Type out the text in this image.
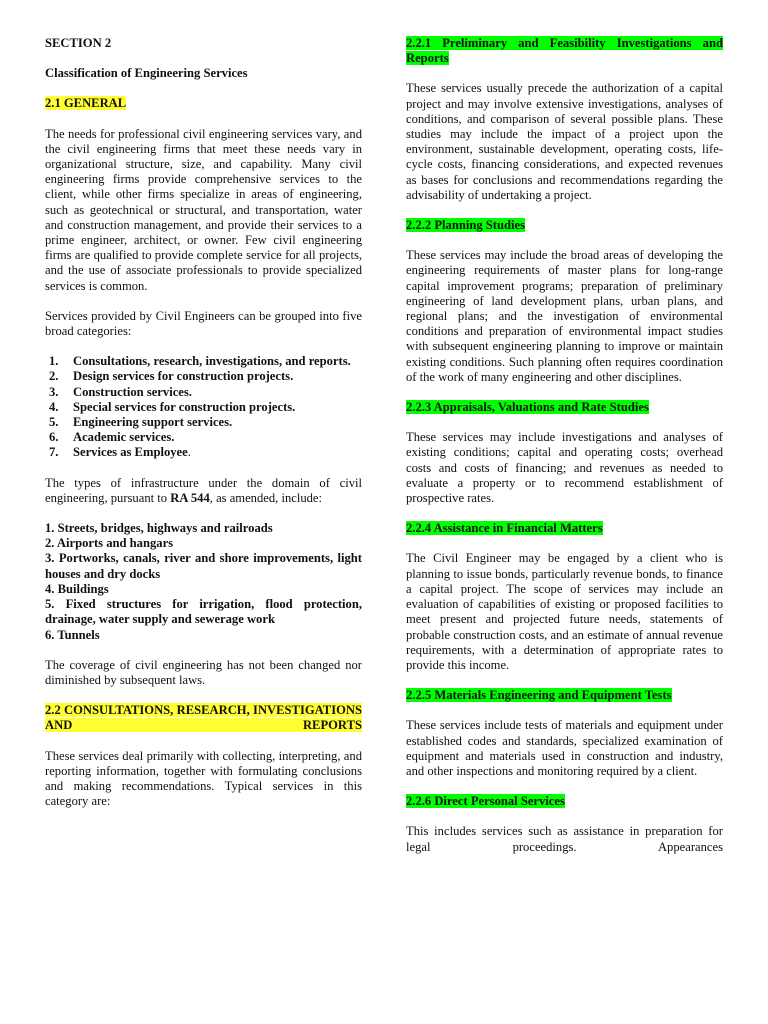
SECTION 2
Classification of Engineering Services
2.1 GENERAL

The needs for professional civil engineering services vary, and the civil engineering firms that meet these needs vary in organizational structure, size, and capability. Many civil engineering firms provide comprehensive services to the client, while other firms specialize in areas of engineering, such as geotechnical or structural, and transportation, water and construction management, and provide their services to a prime engineer, architect, or owner. Few civil engineering firms are qualified to provide complete service for all projects, and the use of associate professionals to provide specialized services is common.

Services provided by Civil Engineers can be grouped into five broad categories:

1.	Consultations, research, investigations, and reports.
2.	Design services for construction projects.
3.	Construction services.
4.	Special services for construction projects.
5.	Engineering support services.
6.	Academic services.
7.	Services as Employee.

The types of infrastructure under the domain of civil engineering, pursuant to RA 544, as amended, include:

1. Streets, bridges, highways and railroads
2. Airports and hangars
3. Portworks, canals, river and shore improvements, light houses and dry docks
4. Buildings
5. Fixed structures for irrigation, flood protection, drainage, water supply and sewerage work
6. Tunnels

The coverage of civil engineering has not been changed nor diminished by subsequent laws.

2.2 CONSULTATIONS, RESEARCH, INVESTIGATIONS AND REPORTS

These services deal primarily with collecting, interpreting, and reporting information, together with formulating conclusions and making recommendations. Typical services in this category are:

2.2.1 Preliminary and Feasibility Investigations and Reports

These services usually precede the authorization of a capital project and may involve extensive investigations, analyses of conditions, and comparison of several possible plans. These studies may include the impact of a project upon the environment, sustainable development, operating costs, life- cycle costs, financing considerations, and expected revenues as bases for conclusions and recommendations regarding the advisability of undertaking a project.

2.2.2 Planning Studies

These services may include the broad areas of developing the engineering requirements of master plans for long-range capital improvement programs; preparation of preliminary engineering of land development plans, urban plans, and regional plans; and the investigation of environmental conditions and preparation of environmental impact studies with subsequent engineering planning to improve or maintain existing conditions. Such planning often requires coordination of the work of many engineering and other disciplines.

2.2.3 Appraisals, Valuations and Rate Studies

These services may include investigations and analyses of existing conditions; capital and operating costs; overhead costs and costs of financing; and revenues as needed to evaluate a property or to recommend establishment of prospective rates.

2.2.4 Assistance in Financial Matters

The Civil Engineer may be engaged by a client who is planning to issue bonds, particularly revenue bonds, to finance a capital project. The scope of services may include an evaluation of capabilities of existing or proposed facilities to meet present and projected future needs, statements of probable construction costs, and an estimate of annual revenue requirements, with a determination of appropriate rates to provide this income.

2.2.5 Materials Engineering and Equipment Tests

These services include tests of materials and equipment under established codes and standards, specialized examination of equipment and materials used in construction and industry, and other inspections and monitoring required by a client.

2.2.6 Direct Personal Services

This includes services such as assistance in preparation for legal proceedings. Appearances
